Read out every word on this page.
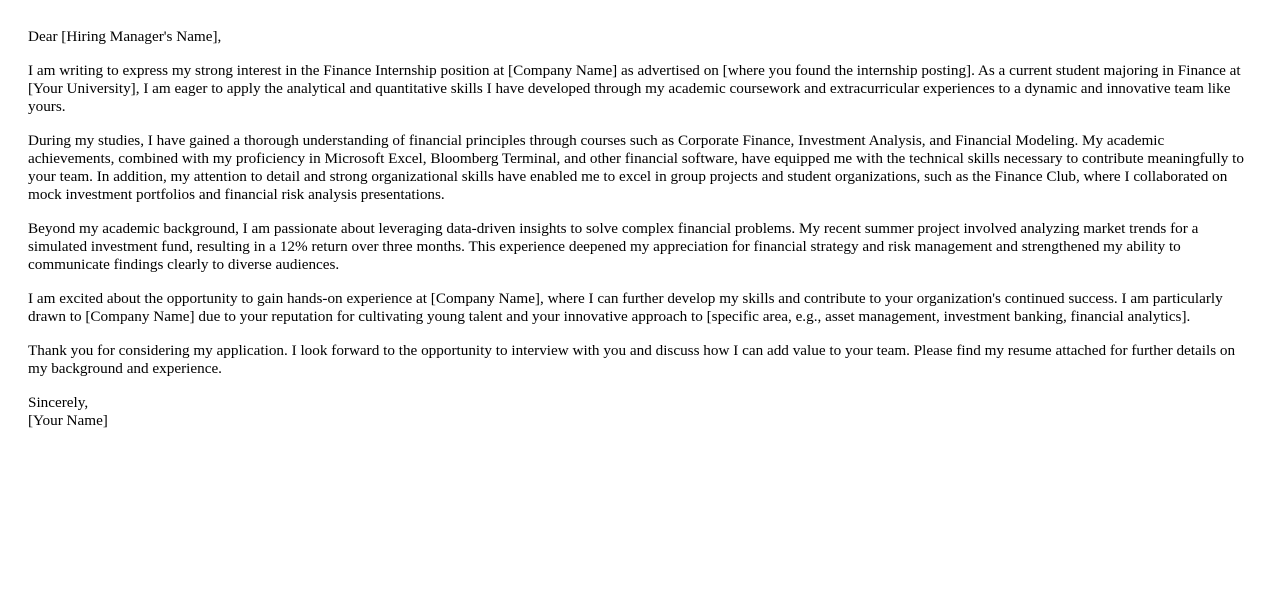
Dear [Hiring Manager's Name],

I am writing to express my strong interest in the Finance Internship position at [Company Name] as advertised on [where you found the internship posting]. As a current student majoring in Finance at [Your University], I am eager to apply the analytical and quantitative skills I have developed through my academic coursework and extracurricular experiences to a dynamic and innovative team like yours.

During my studies, I have gained a thorough understanding of financial principles through courses such as Corporate Finance, Investment Analysis, and Financial Modeling. My academic achievements, combined with my proficiency in Microsoft Excel, Bloomberg Terminal, and other financial software, have equipped me with the technical skills necessary to contribute meaningfully to your team. In addition, my attention to detail and strong organizational skills have enabled me to excel in group projects and student organizations, such as the Finance Club, where I collaborated on mock investment portfolios and financial risk analysis presentations.

Beyond my academic background, I am passionate about leveraging data-driven insights to solve complex financial problems. My recent summer project involved analyzing market trends for a simulated investment fund, resulting in a 12% return over three months. This experience deepened my appreciation for financial strategy and risk management and strengthened my ability to communicate findings clearly to diverse audiences.

I am excited about the opportunity to gain hands-on experience at [Company Name], where I can further develop my skills and contribute to your organization's continued success. I am particularly drawn to [Company Name] due to your reputation for cultivating young talent and your innovative approach to [specific area, e.g., asset management, investment banking, financial analytics].

Thank you for considering my application. I look forward to the opportunity to interview with you and discuss how I can add value to your team. Please find my resume attached for further details on my background and experience.

Sincerely,
[Your Name]
